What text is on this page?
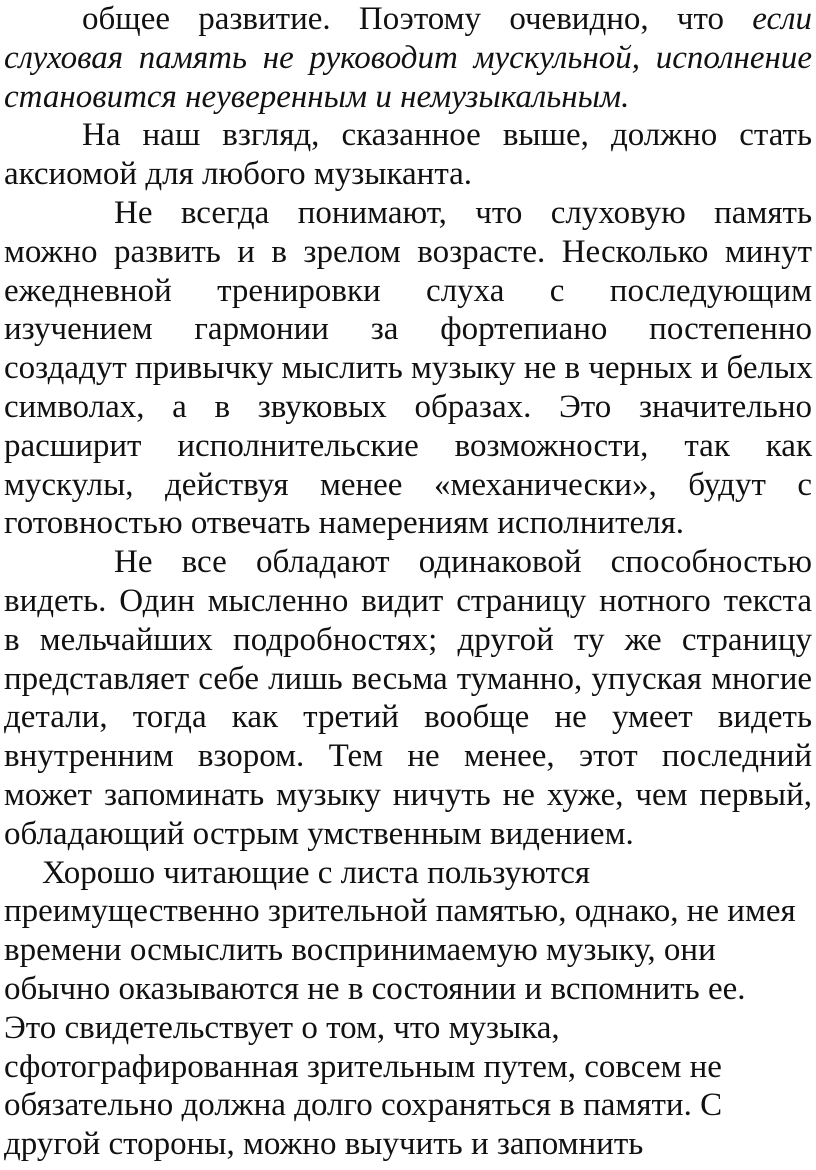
общее развитие. Поэтому очевидно, что если
слуховая память не руководит мускульной, исполнение
становится неуверенным и немузыкальным.
На наш взгляд, сказанное выше, должно стать
аксиомой для любого музыканта.
Не всегда понимают, что слуховую память
можно развить и в зрелом возрасте. Несколько минут
ежедневной тренировки слуха с последующим
изучением гармонии за фортепиано постепенно
создадут привычку мыслить музыку не в черных и белых
символах, а в звуковых образах. Это значительно
расширит исполнительские возможности, так как
мускулы, действуя менее «механически», будут с
готовностью отвечать намерениям исполнителя.
Не все обладают одинаковой способностью
видеть. Один мысленно видит страницу нотного текста
в мельчайших подробностях; другой ту же страницу
представляет себе лишь весьма туманно, упуская многие
детали, тогда как третий вообще не умеет видеть
внутренним взором. Тем не менее, этот последний
может запоминать музыку ничуть не хуже, чем первый,
обладающий острым умственным видением.
Хорошо читающие с листа пользуются
преимущественно зрительной памятью, однако, не имея
времени осмыслить воспринимаемую музыку, они
обычно оказываются не в состоянии и вспомнить ее.
Это свидетельствует о том, что музыка,
сфотографированная зрительным путем, совсем не
обязательно должна долго сохраняться в памяти. С
другой стороны, можно выучить и запомнить
